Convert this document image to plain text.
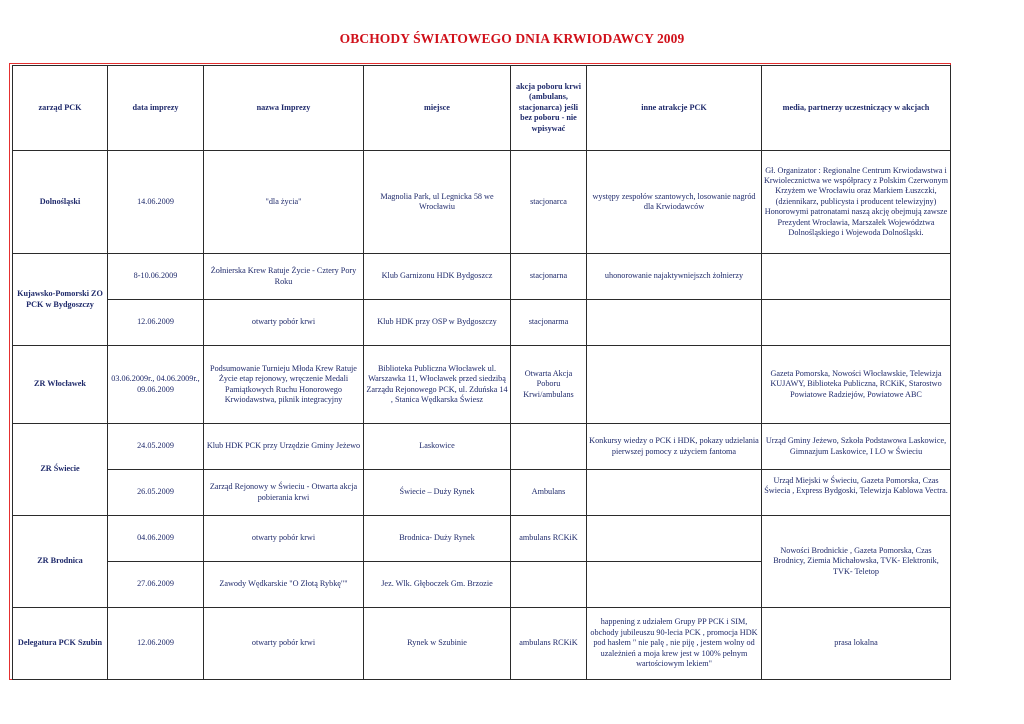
OBCHODY ŚWIATOWEGO DNIA KRWIODAWCY 2009
zarząd PCK	data imprezy	nazwa Imprezy	miejsce	akcja poboru krwi (ambulans, stacjonarca) jeśli bez poboru - nie wpisywać	inne atrakcje PCK	media, partnerzy uczestniczący w akcjach
Dolnośląski	14.06.2009	"dla życia"	Magnolia Park, ul Legnicka 58 we Wrocławiu	stacjonarca	występy zespołów szantowych, losowanie nagród dla Krwiodawców	Gł. Organizator : Regionalne Centrum Krwiodawstwa i Krwiolecznictwa we współpracy z Polskim Czerwonym Krzyżem we Wrocławiu oraz Markiem Łuszczki, (dziennikarz, publicysta i producent telewizyjny) Honorowymi patronatami naszą akcję obejmują zawsze Prezydent Wrocławia, Marszałek Województwa Dolnośląskiego i Wojewoda Dolnośląski.
Kujawsko-Pomorski ZO PCK w Bydgoszczy	8-10.06.2009	Żołnierska Krew Ratuje Życie - Cztery Pory Roku	Klub Garnizonu HDK Bydgoszcz	stacjonarna	uhonorowanie najaktywniejszch żołnierzy	
	12.06.2009	otwarty pobór krwi	Klub HDK przy OSP w Bydgoszczy	stacjonarma		
ZR Włocławek	03.06.2009r., 04.06.2009r., 09.06.2009	Podsumowanie Turnieju Młoda Krew Ratuje Życie etap rejonowy, wręczenie Medali Pamiątkowych Ruchu Honorowego Krwiodawstwa, piknik integracyjny	Biblioteka Publiczna Włocławek ul. Warszawka 11, Włocławek przed siedzibą Zarządu Rejonowego PCK, ul. Zduńska 14 , Stanica Wędkarska Świesz	Otwarta Akcja Poboru Krwi/ambulans		Gazeta Pomorska, Nowości Włocławskie, Telewizja KUJAWY, Biblioteka Publiczna, RCKiK, Starostwo Powiatowe Radziejów, Powiatowe ABC
ZR Świecie	24.05.2009	Klub HDK PCK przy Urzędzie Gminy Jeżewo	Laskowice		Konkursy wiedzy o PCK i HDK, pokazy udzielania pierwszej pomocy z użyciem fantoma	Urząd Gminy Jeżewo, Szkoła Podstawowa Laskowice, Gimnazjum Laskowice, I LO w Świeciu
	26.05.2009	Zarząd Rejonowy w Świeciu - Otwarta akcja pobierania krwi	Świecie – Duży Rynek	Ambulans		Urząd Miejski w Świeciu, Gazeta Pomorska, Czas Świecia , Express Bydgoski, Telewizja Kablowa Vectra.
ZR Brodnica	04.06.2009	otwarty pobór krwi	Brodnica- Duży Rynek	ambulans RCKiK		Nowości Brodnickie , Gazeta Pomorska, Czas Brodnicy, Ziemia Michałowska, TVK- Elektronik, TVK- Teletop
	27.06.2009	Zawody Wędkarskie "O Złotą Rybkę""	Jez. Wlk. Głęboczek Gm. Brzozie			
Delegatura PCK Szubin	12.06.2009	otwarty pobór krwi	Rynek w Szubinie	ambulans RCKiK	happening z udziałem Grupy PP PCK i SIM, obchody jubileuszu 90-lecia PCK , promocja HDK pod hasłem " nie palę , nie piję , jestem wolny od uzależnień a moja krew jest w 100% pełnym wartościowym lekiem"	prasa lokalna
